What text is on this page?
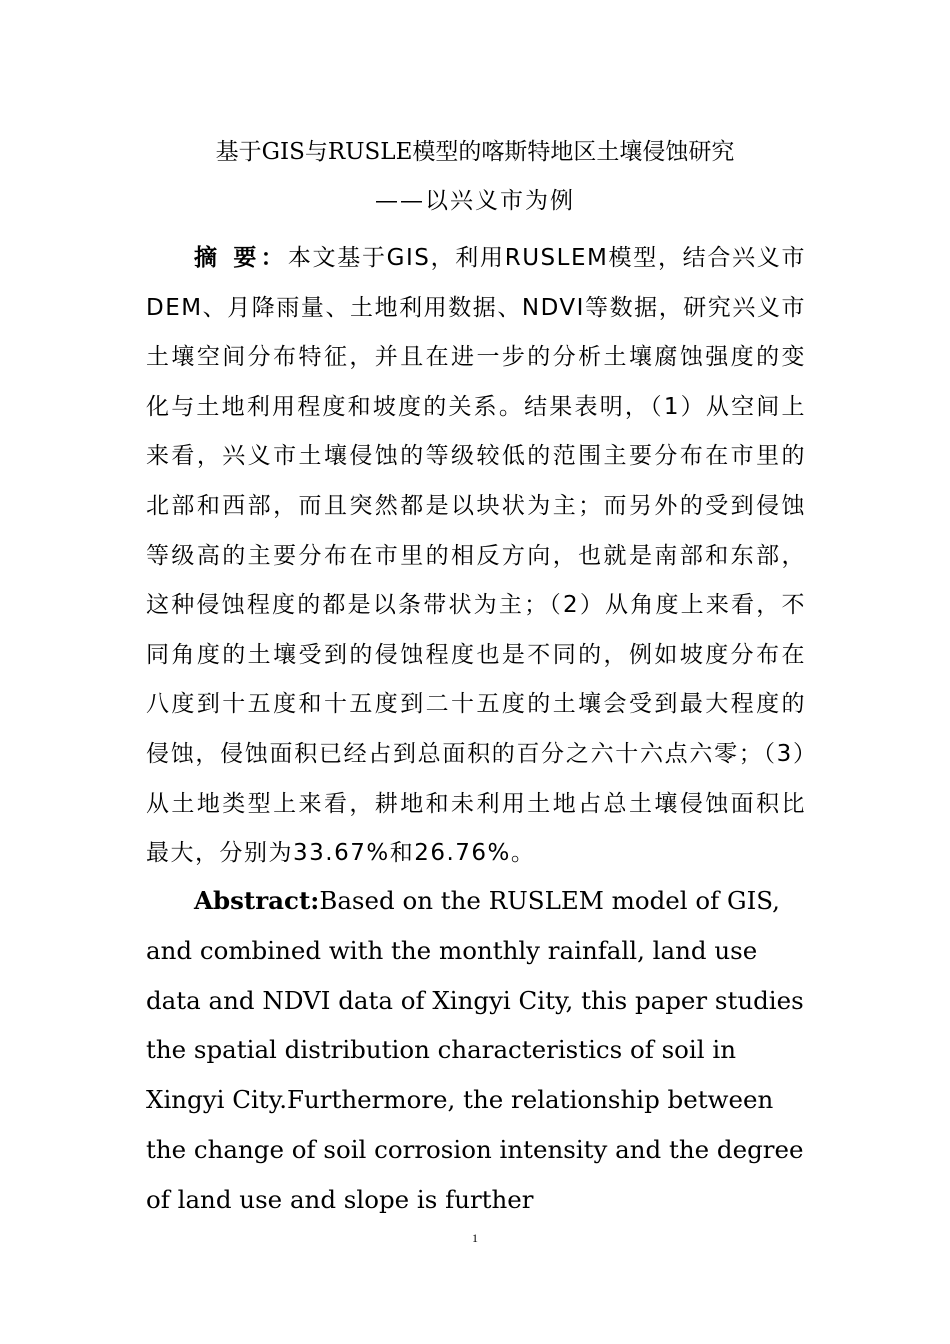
基于GIS与RUSLE模型的喀斯特地区土壤侵蚀研究
——以兴义市为例

摘 要：本文基于GIS，利用RUSLEM模型，结合兴义市DEM、月降雨量、土地利用数据、NDVI等数据，研究兴义市土壤空间分布特征，并且在进一步的分析土壤腐蚀强度的变化与土地利用程度和坡度的关系。结果表明，（1）从空间上来看，兴义市土壤侵蚀的等级较低的范围主要分布在市里的北部和西部，而且突然都是以块状为主；而另外的受到侵蚀等级高的主要分布在市里的相反方向，也就是南部和东部，这种侵蚀程度的都是以条带状为主；（2）从角度上来看，不同角度的土壤受到的侵蚀程度也是不同的，例如坡度分布在八度到十五度和十五度到二十五度的土壤会受到最大程度的侵蚀，侵蚀面积已经占到总面积的百分之六十六点六零；（3）从土地类型上来看，耕地和未利用土地占总土壤侵蚀面积比最大，分别为33.67%和26.76%。

Abstract:Based on the RUSLEM model of GIS, and combined with the monthly rainfall, land use data and NDVI data of Xingyi City, this paper studies the spatial distribution characteristics of soil in Xingyi City.Furthermore, the relationship between the change of soil corrosion intensity and the degree of land use and slope is further

1
